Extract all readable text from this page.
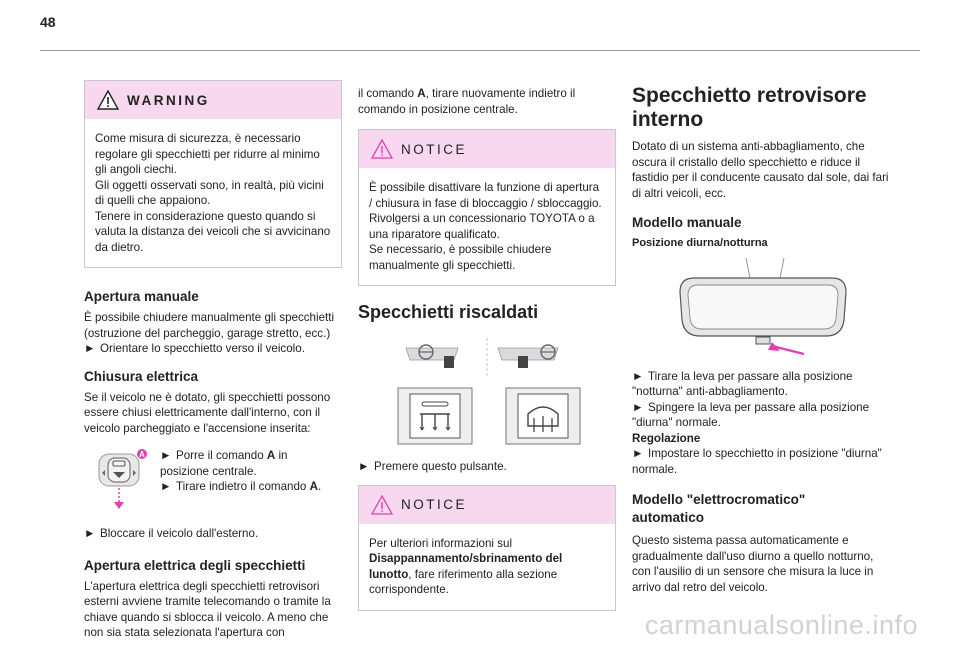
48
WARNING
Come misura di sicurezza, è necessario regolare gli specchietti per ridurre al minimo gli angoli ciechi.
Gli oggetti osservati sono, in realtà, più vicini di quelli che appaiono.
Tenere in considerazione questo quando si valuta la distanza dei veicoli che si avvicinano da dietro.
Apertura manuale

È possibile chiudere manualmente gli specchietti (ostruzione del parcheggio, garage stretto, ecc.)

► Orientare lo specchietto verso il veicolo.

Chiusura elettrica

Se il veicolo ne è dotato, gli specchietti possono essere chiusi elettricamente dall'interno, con il veicolo parcheggiato e l'accensione inserita:

A ► Porre il comando A in posizione centrale.

► Tirare indietro il comando A.

► Bloccare il veicolo dall'esterno.

Apertura elettrica degli specchietti

L'apertura elettrica degli specchietti retrovisori esterni avviene tramite telecomando o tramite la chiave quando si sblocca il veicolo. A meno che non sia stata selezionata l'apertura con

il comando A, tirare nuovamente indietro il comando in posizione centrale.

NOTICE
È possibile disattivare la funzione di apertura / chiusura in fase di bloccaggio / sbloccaggio.
Rivolgersi a un concessionario TOYOTA o a una riparatore qualificato.
Se necessario, è possibile chiudere manualmente gli specchietti.
Specchietti riscaldati

► Premere questo pulsante.

NOTICE
Per ulteriori informazioni sul Disappannamento/sbrinamento del lunotto, fare riferimento alla sezione corrispondente.
Specchietto retrovisore interno

Dotato di un sistema anti-abbagliamento, che oscura il cristallo dello specchietto e riduce il fastidio per il conducente causato dal sole, dai fari di altri veicoli, ecc.

Modello manuale

Posizione diurna/notturna

► Tirare la leva per passare alla posizione "notturna" anti-abbagliamento.

► Spingere la leva per passare alla posizione "diurna" normale.

Regolazione

► Impostare lo specchietto in posizione "diurna" normale.

Modello "elettrocromatico" automatico

Questo sistema passa automaticamente e gradualmente dall'uso diurno a quello notturno, con l'ausilio di un sensore che misura la luce in arrivo dal retro del veicolo.

carmanualsonline.info
